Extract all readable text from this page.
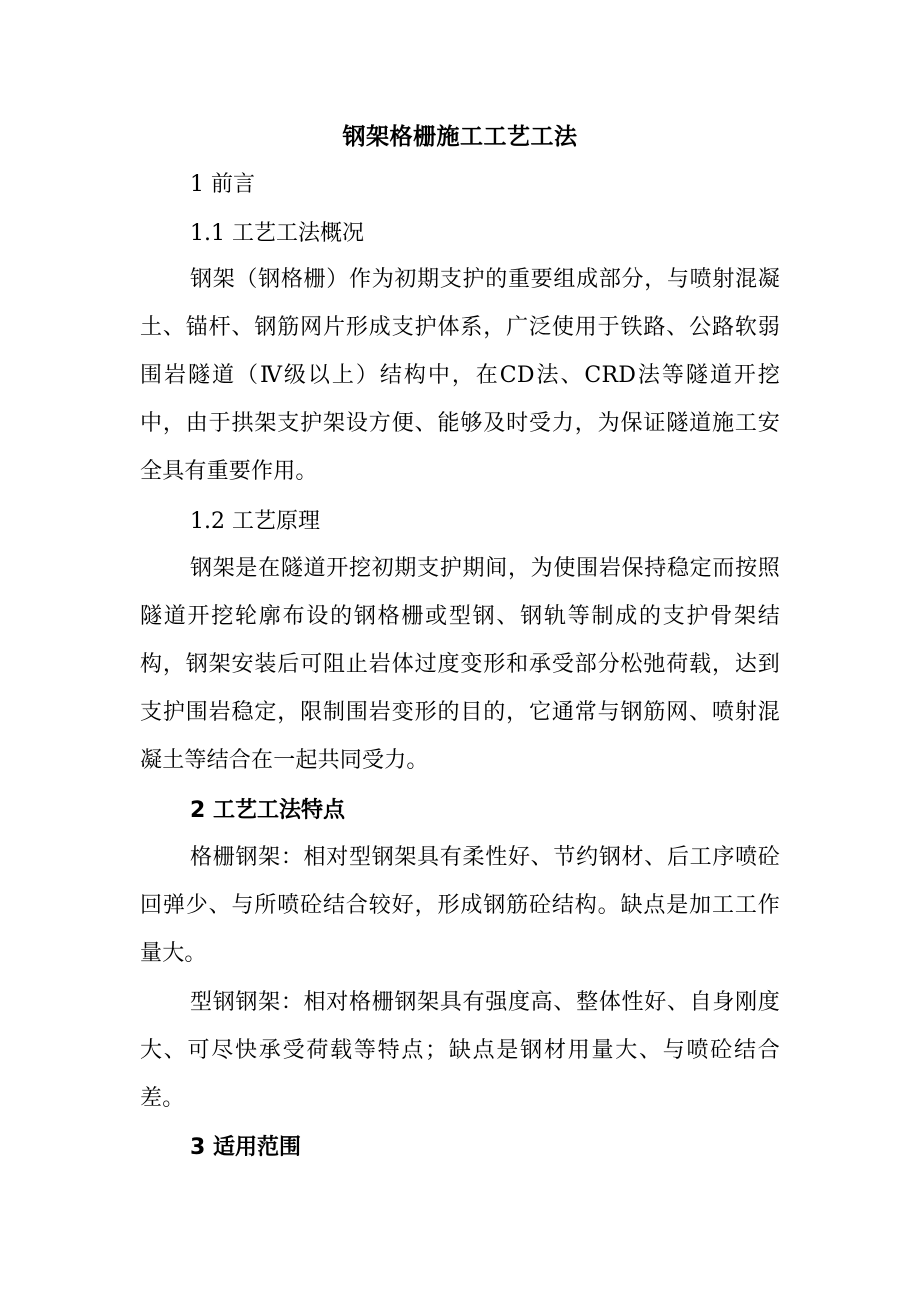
钢架格栅施工工艺工法
1 前言
1.1 工艺工法概况
钢架（钢格栅）作为初期支护的重要组成部分，与喷射混凝土、锚杆、钢筋网片形成支护体系，广泛使用于铁路、公路软弱围岩隧道（Ⅳ级以上）结构中，在CD法、CRD法等隧道开挖中，由于拱架支护架设方便、能够及时受力，为保证隧道施工安全具有重要作用。
1.2 工艺原理
钢架是在隧道开挖初期支护期间，为使围岩保持稳定而按照隧道开挖轮廓布设的钢格栅或型钢、钢轨等制成的支护骨架结构，钢架安装后可阻止岩体过度变形和承受部分松弛荷载，达到支护围岩稳定，限制围岩变形的目的，它通常与钢筋网、喷射混凝土等结合在一起共同受力。
2 工艺工法特点
格栅钢架：相对型钢架具有柔性好、节约钢材、后工序喷砼回弹少、与所喷砼结合较好，形成钢筋砼结构。缺点是加工工作量大。
型钢钢架：相对格栅钢架具有强度高、整体性好、自身刚度大、可尽快承受荷载等特点；缺点是钢材用量大、与喷砼结合差。
3 适用范围
